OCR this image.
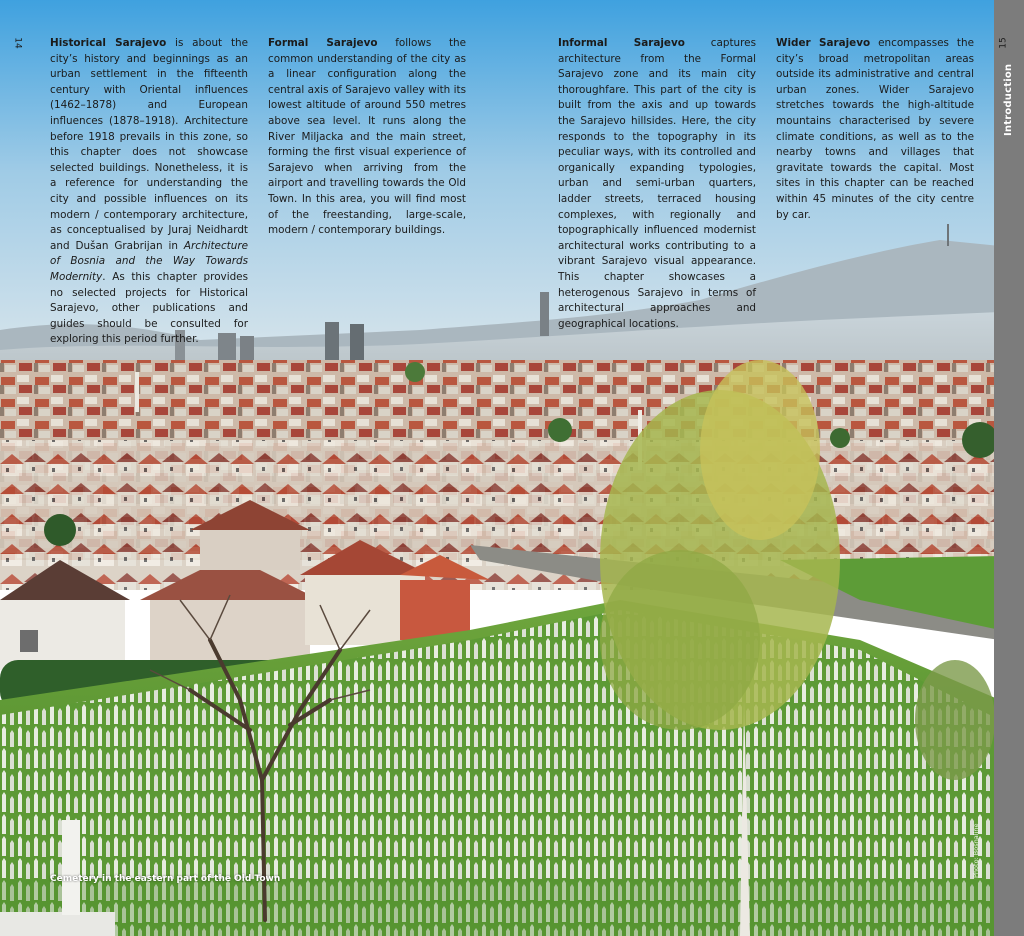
Introduction
14	15
Historical Sarajevo is about the city’s history and beginnings as an urban settlement in the fifteenth century with Oriental influences (1462–1878) and European influences (1878–1918). Architecture before 1918 prevails in this zone, so this chapter does not showcase selected buildings. Nonetheless, it is a reference for understanding the city and possible influences on its modern / contemporary architecture, as conceptualised by Juraj Neidhardt and Dušan Grabrijan in Architecture of Bosnia and the Way Towards Modernity. As this chapter provides no selected projects for Historical Sarajevo, other publications and guides should be consulted for exploring this period further.
Formal Sarajevo follows the common understanding of the city as a linear configuration along the central axis of Sarajevo valley with its lowest altitude of around 550 metres above sea level. It runs along the River Miljacka and the main street, forming the first visual experience of Sarajevo when arriving from the airport and travelling towards the Old Town. In this area, you will find most of the freestanding, large-scale, modern / contemporary buildings.
Informal Sarajevo captures architecture from the Formal Sarajevo zone and its main city thoroughfare. This part of the city is built from the axis and up towards the Sarajevo hillsides. Here, the city responds to the topography in its peculiar ways, with its controlled and organically expanding typologies, urban and semi-urban quarters, ladder streets, terraced housing complexes, with regionally and topographically influenced modernist architectural works contributing to a vibrant Sarajevo visual appearance. This chapter showcases a heterogenous Sarajevo in terms of architectural approaches and geographical locations.
Wider Sarajevo encompasses the city’s broad metropolitan areas outside its administrative and central urban zones. Wider Sarajevo stretches towards the high-altitude mountains characterised by severe climate conditions, as well as to the nearby towns and villages that gravitate towards the capital. Most sites in this chapter can be reached within 45 minutes of the city centre by car.
Cemetery in the eastern part of the Old Town
Photo: Bosnaline
